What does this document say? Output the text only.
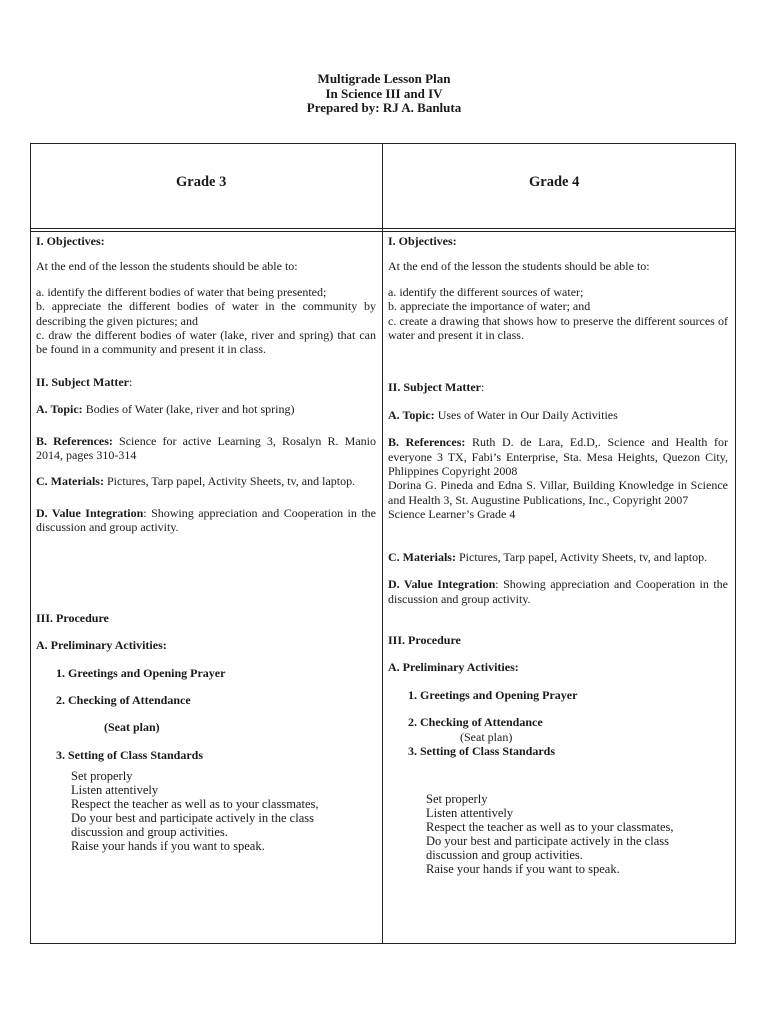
Multigrade Lesson Plan
In Science III and IV
Prepared by: RJ A. Banluta
Grade 3	Grade 4

I. Objectives:

At the end of the lesson the students should be able to:

a. identify the different bodies of water that being presented;
b. appreciate the different bodies of water in the community by describing the given pictures; and
c. draw the different bodies of water (lake, river and spring) that can be found in a community and present it in class.

II. Subject Matter:

A. Topic: Bodies of Water (lake, river and hot spring)

B. References: Science for active Learning 3, Rosalyn R. Manio 2014, pages 310-314

C. Materials: Pictures, Tarp papel, Activity Sheets, tv, and laptop.

D. Value Integration: Showing appreciation and Cooperation in the discussion and group activity.

III. Procedure

A. Preliminary Activities:

1. Greetings and Opening Prayer

2. Checking of Attendance

(Seat plan)

3. Setting of Class Standards

Set properly

Listen attentively

Respect the teacher as well as to your classmates,

Do your best and participate actively in the class

discussion and group activities.

Raise your hands if you want to speak.

I. Objectives:

At the end of the lesson the students should be able to:

a. identify the different sources of water;
b. appreciate the importance of water; and
c. create a drawing that shows how to preserve the different sources of water and present it in class.

II. Subject Matter:

A. Topic: Uses of Water in Our Daily Activities

B. References: Ruth D. de Lara, Ed.D,. Science and Health for everyone 3 TX, Fabi’s Enterprise, Sta. Mesa Heights, Quezon City, Phlippines Copyright 2008
Dorina G. Pineda and Edna S. Villar, Building Knowledge in Science and Health 3, St. Augustine Publications, Inc., Copyright 2007
Science Learner’s Grade 4

C. Materials: Pictures, Tarp papel, Activity Sheets, tv, and laptop.

D. Value Integration: Showing appreciation and Cooperation in the discussion and group activity.

III. Procedure

A. Preliminary Activities:

1. Greetings and Opening Prayer

2. Checking of Attendance

(Seat plan)

3. Setting of Class Standards

Set properly

Listen attentively

Respect the teacher as well as to your classmates,

Do your best and participate actively in the class

discussion and group activities.

Raise your hands if you want to speak.
